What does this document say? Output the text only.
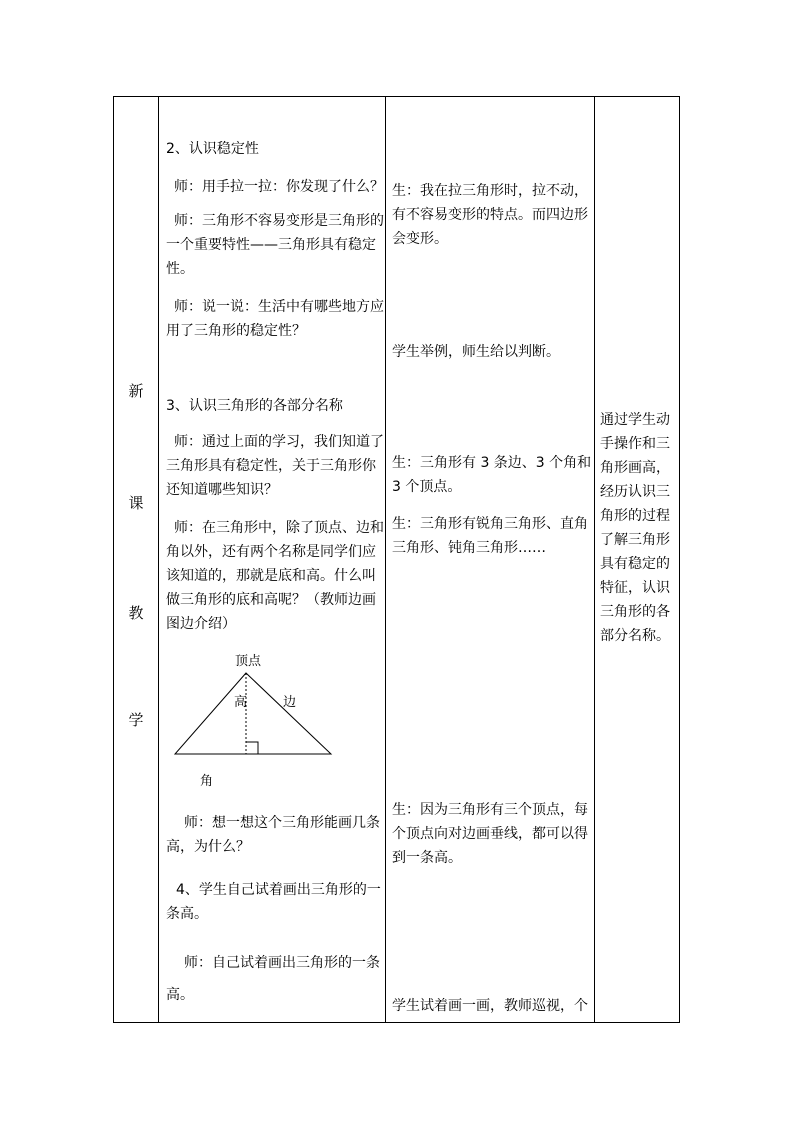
新
课
教
学
2、认识稳定性
师：用手拉一拉：你发现了什么？
师：三角形不容易变形是三角形的一个重要特性——三角形具有稳定性。
师：说一说：生活中有哪些地方应用了三角形的稳定性？
3、认识三角形的各部分名称
师：通过上面的学习，我们知道了三角形具有稳定性，关于三角形你还知道哪些知识？
师：在三角形中，除了顶点、边和角以外，还有两个名称是同学们应该知道的，那就是底和高。什么叫做三角形的底和高呢？（教师边画图边介绍）
顶点
高	边
角
师：想一想这个三角形能画几条高，为什么？
4、学生自己试着画出三角形的一条高。
师：自己试着画出三角形的一条高。
生：我在拉三角形时，拉不动，有不容易变形的特点。而四边形会变形。
学生举例，师生给以判断。
生：三角形有 3 条边、3 个角和 3 个顶点。
生：三角形有锐角三角形、直角三角形、钝角三角形……
生：因为三角形有三个顶点，每个顶点向对边画垂线，都可以得到一条高。
学生试着画一画，教师巡视，个
通过学生动手操作和三角形画高，经历认识三角形的过程了解三角形具有稳定的特征，认识三角形的各部分名称。
